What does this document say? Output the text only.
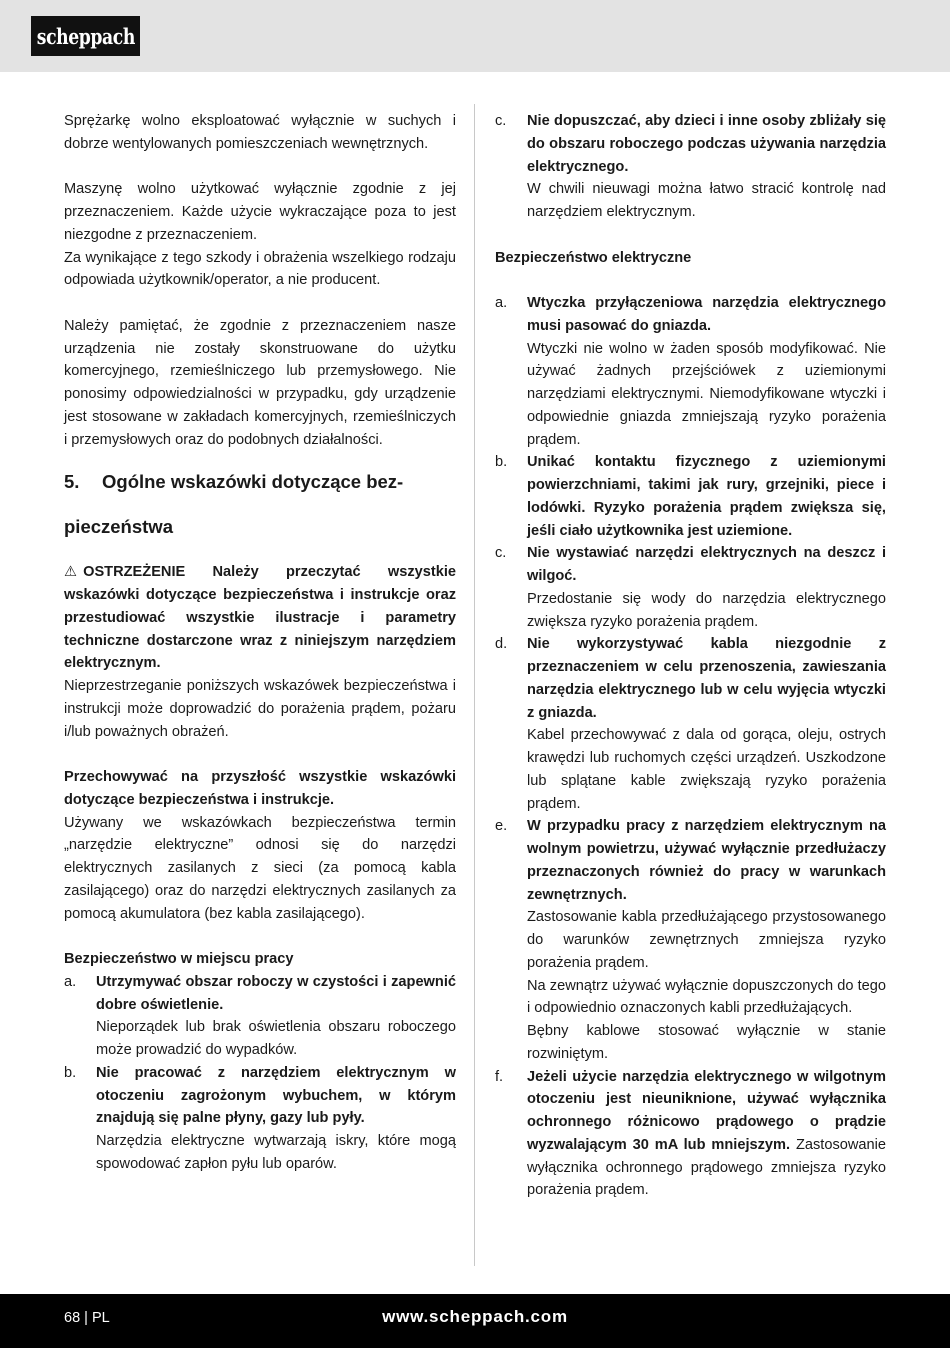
scheppach

Sprężarkę wolno eksploatować wyłącznie w suchych i dobrze wentylowanych pomieszczeniach wewnętrznych.

Maszynę wolno użytkować wyłącznie zgodnie z jej przeznaczeniem. Każde użycie wykraczające poza to jest niezgodne z przeznaczeniem.

Za wynikające z tego szkody i obrażenia wszelkiego rodzaju odpowiada użytkownik/operator, a nie producent.

Należy pamiętać, że zgodnie z przeznaczeniem nasze urządzenia nie zostały skonstruowane do użytku komercyjnego, rzemieślniczego lub przemysłowego. Nie ponosimy odpowiedzialności w przypadku, gdy urządzenie jest stosowane w zakładach komercyjnych, rzemieślniczych i przemysłowych oraz do podobnych działalności.

5. Ogólne wskazówki dotyczące bez-
pieczeństwa

⚠ OSTRZEŻENIE Należy przeczytać wszystkie wskazówki dotyczące bezpieczeństwa i instrukcje oraz przestudiować wszystkie ilustracje i parametry techniczne dostarczone wraz z niniejszym narzędziem elektrycznym.

Nieprzestrzeganie poniższych wskazówek bezpieczeństwa i instrukcji może doprowadzić do porażenia prądem, pożaru i/lub poważnych obrażeń.

Przechowywać na przyszłość wszystkie wskazówki dotyczące bezpieczeństwa i instrukcje.

Używany we wskazówkach bezpieczeństwa termin „narzędzie elektryczne” odnosi się do narzędzi elektrycznych zasilanych z sieci (za pomocą kabla zasilającego) oraz do narzędzi elektrycznych zasilanych za pomocą akumulatora (bez kabla zasilającego).

Bezpieczeństwo w miejscu pracy

a. Utrzymywać obszar roboczy w czystości i zapewnić dobre oświetlenie.

Nieporządek lub brak oświetlenia obszaru roboczego może prowadzić do wypadków.

b. Nie pracować z narzędziem elektrycznym w otoczeniu zagrożonym wybuchem, w którym znajdują się palne płyny, gazy lub pyły.

Narzędzia elektryczne wytwarzają iskry, które mogą spowodować zapłon pyłu lub oparów.

c. Nie dopuszczać, aby dzieci i inne osoby zbliżały się do obszaru roboczego podczas używania narzędzia elektrycznego.

W chwili nieuwagi można łatwo stracić kontrolę nad narzędziem elektrycznym.

Bezpieczeństwo elektryczne

a. Wtyczka przyłączeniowa narzędzia elektrycznego musi pasować do gniazda.

Wtyczki nie wolno w żaden sposób modyfikować. Nie używać żadnych przejściówek z uziemionymi narzędziami elektrycznymi. Niemodyfikowane wtyczki i odpowiednie gniazda zmniejszają ryzyko porażenia prądem.

b. Unikać kontaktu fizycznego z uziemionymi powierzchniami, takimi jak rury, grzejniki, piece i lodówki. Ryzyko porażenia prądem zwiększa się, jeśli ciało użytkownika jest uziemione.

c. Nie wystawiać narzędzi elektrycznych na deszcz i wilgoć.

Przedostanie się wody do narzędzia elektrycznego zwiększa ryzyko porażenia prądem.

d. Nie wykorzystywać kabla niezgodnie z przeznaczeniem w celu przenoszenia, zawieszania narzędzia elektrycznego lub w celu wyjęcia wtyczki z gniazda.

Kabel przechowywać z dala od gorąca, oleju, ostrych krawędzi lub ruchomych części urządzeń. Uszkodzone lub splątane kable zwiększają ryzyko porażenia prądem.

e. W przypadku pracy z narzędziem elektrycznym na wolnym powietrzu, używać wyłącznie przedłużaczy przeznaczonych również do pracy w warunkach zewnętrznych.

Zastosowanie kabla przedłużającego przystosowanego do warunków zewnętrznych zmniejsza ryzyko porażenia prądem.

Na zewnątrz używać wyłącznie dopuszczonych do tego i odpowiednio oznaczonych kabli przedłużających.

Bębny kablowe stosować wyłącznie w stanie rozwiniętym.

f. Jeżeli użycie narzędzia elektrycznego w wilgotnym otoczeniu jest nieuniknione, używać wyłącznika ochronnego różnicowo prądowego o prądzie wyzwalającym 30 mA lub mniejszym. Zastosowanie wyłącznika ochronnego prądowego zmniejsza ryzyko porażenia prądem.

68 | PL	www.scheppach.com
